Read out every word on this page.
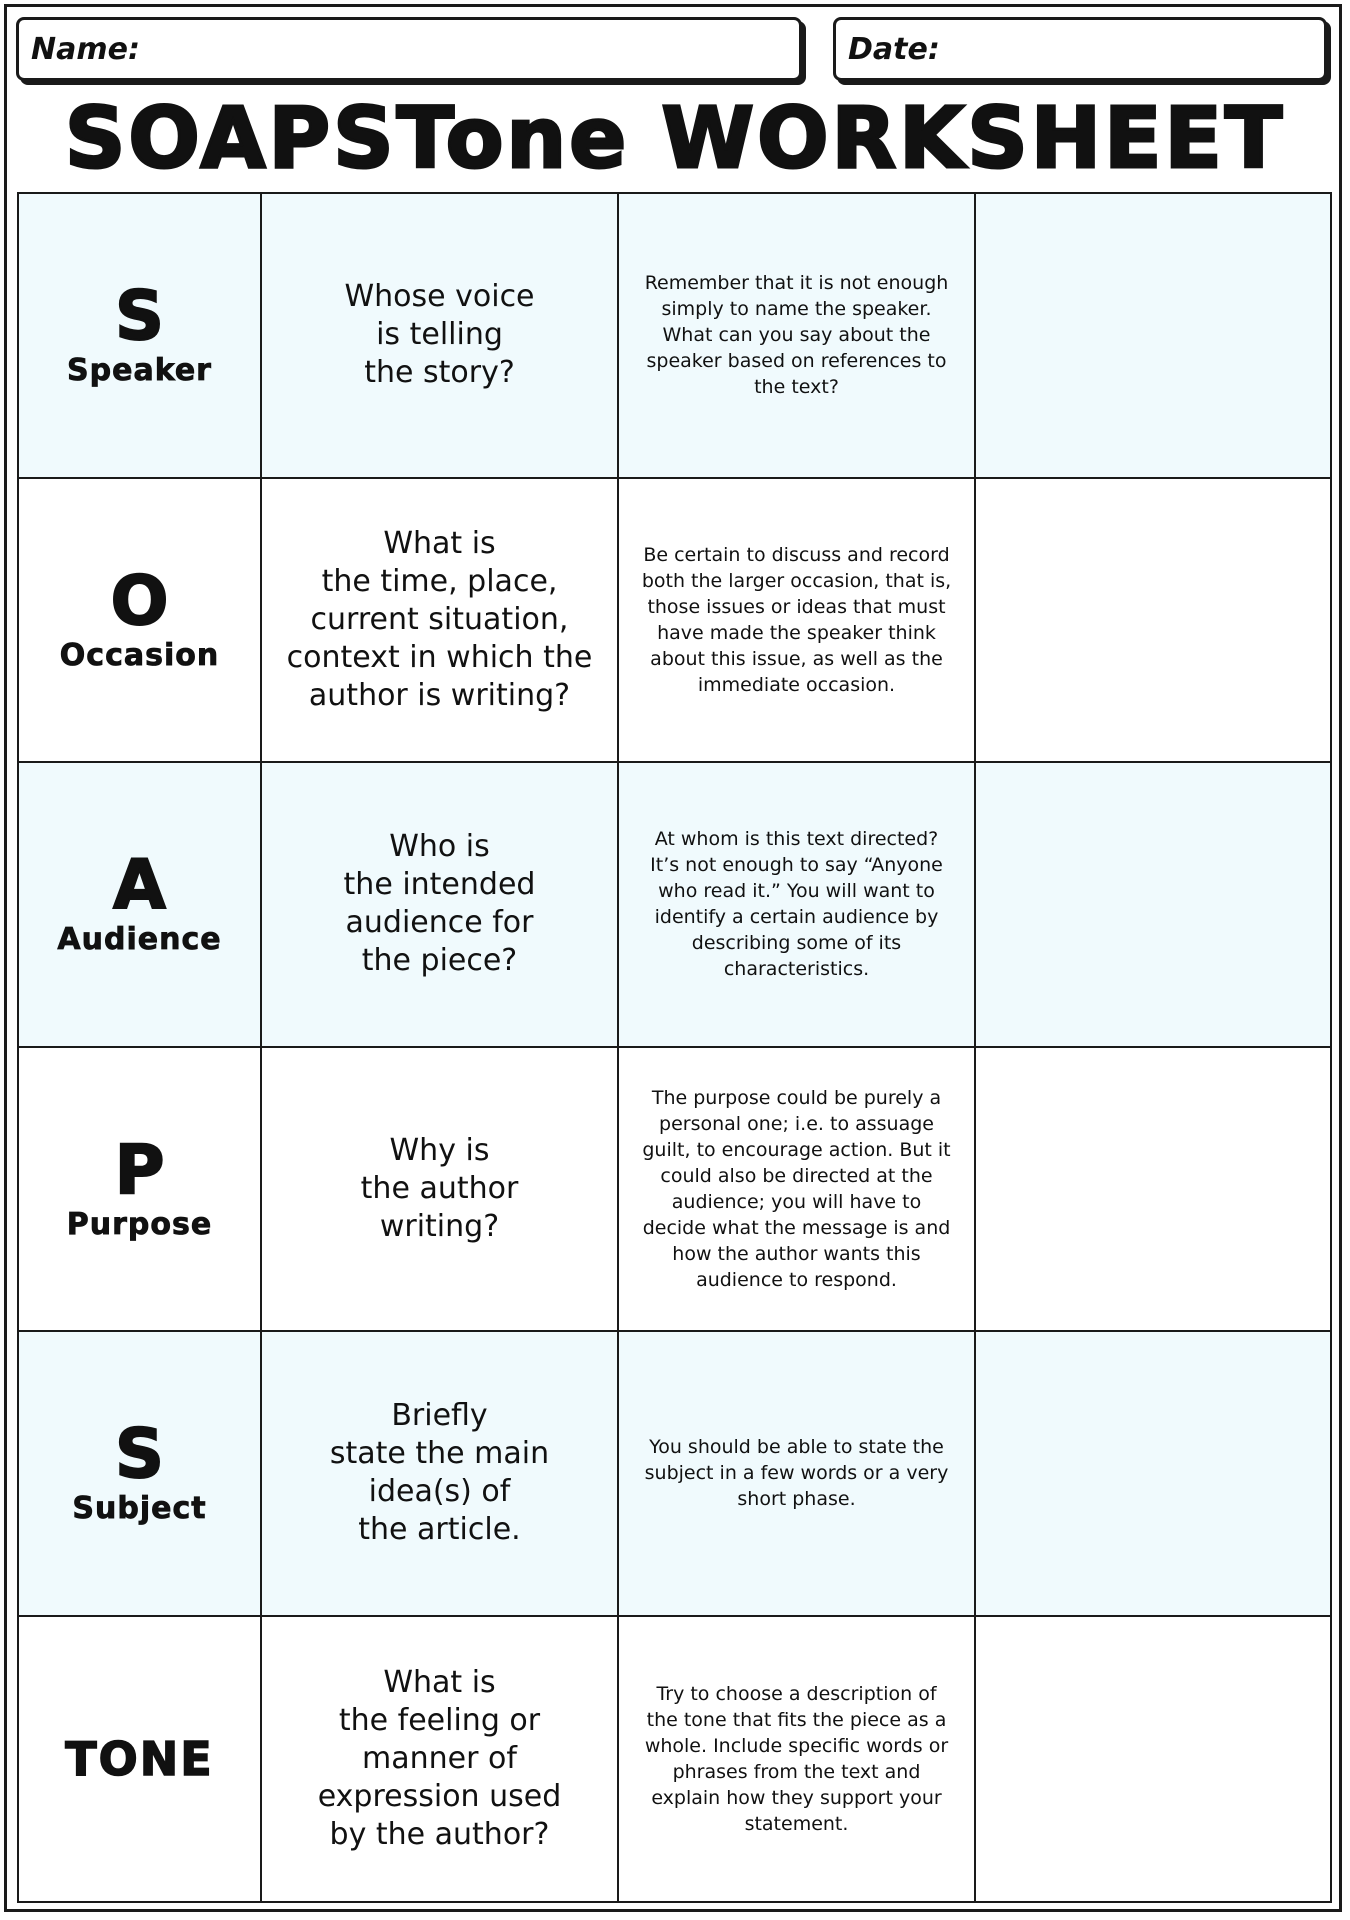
Name:	Date:
SOAPSTone WORKSHEET
S
Speaker
Whose voice
is telling
the story?
Remember that it is not enough simply to name the speaker. What can you say about the speaker based on references to the text?
O
Occasion
What is
the time, place,
current situation,
context in which the
author is writing?
Be certain to discuss and record both the larger occasion, that is, those issues or ideas that must have made the speaker think about this issue, as well as the immediate occasion.
A
Audience
Who is
the intended
audience for
the piece?
At whom is this text directed? It’s not enough to say “Anyone who read it.” You will want to identify a certain audience by describing some of its characteristics.
P
Purpose
Why is
the author
writing?
The purpose could be purely a personal one; i.e. to assuage guilt, to encourage action. But it could also be directed at the audience; you will have to decide what the message is and how the author wants this audience to respond.
S
Subject
Briefly
state the main
idea(s) of
the article.
You should be able to state the subject in a few words or a very short phase.
TONE
What is
the feeling or
manner of
expression used
by the author?
Try to choose a description of the tone that fits the piece as a whole. Include specific words or phrases from the text and explain how they support your statement.
